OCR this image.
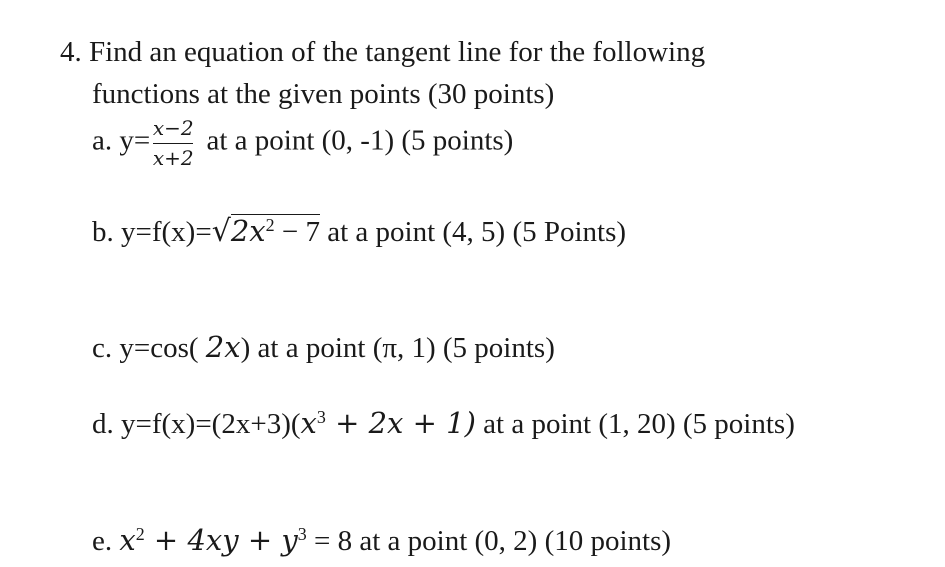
4. Find an equation of the tangent line for the following
functions at the given points (30 points)
a. $y= \frac{x-2}{x+2}$ at a point (0, -1) (5 points)
b. $y=f(x)=√2x^2 - 7$ at a point (4, 5) (5 Points)
c. y=cos( 2x) at a point (π, 1) (5 points)
d. $y=f(x)=(2x+3)(x^3 + 2x + 1)$ at a point (1, 20) (5 points)
e. $x^2 + 4xy + y^3 = 8$ at a point (0, 2) (10 points)
